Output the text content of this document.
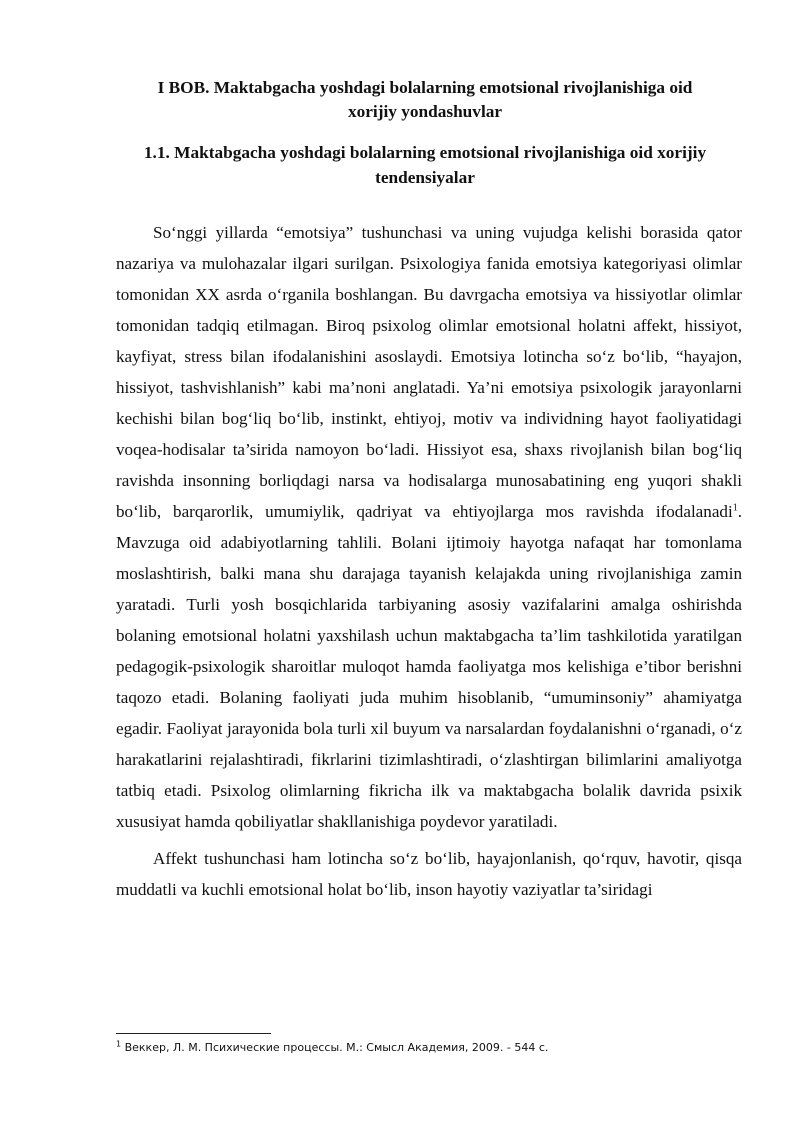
I BOB. Maktabgacha yoshdagi bolalarning emotsional rivojlanishiga oid
xorijiy yondashuvlar
1.1. Maktabgacha yoshdagi bolalarning emotsional rivojlanishiga oid xorijiy
tendensiyalar

So‘nggi yillarda “emotsiya” tushunchasi va uning vujudga kelishi borasida qator nazariya va mulohazalar ilgari surilgan. Psixologiya fanida emotsiya kategoriyasi olimlar tomonidan XX asrda o‘rganila boshlangan. Bu davrgacha emotsiya va hissiyotlar olimlar tomonidan tadqiq etilmagan. Biroq psixolog olimlar emotsional holatni affekt, hissiyot, kayfiyat, stress bilan ifodalanishini asoslaydi. Emotsiya lotincha so‘z bo‘lib, “hayajon, hissiyot, tashvishlanish” kabi ma’noni anglatadi. Ya’ni emotsiya psixologik jarayonlarni kechishi bilan bog‘liq bo‘lib, instinkt, ehtiyoj, motiv va individning hayot faoliyatidagi voqea-hodisalar ta’sirida namoyon bo‘ladi. Hissiyot esa, shaxs rivojlanish bilan bog‘liq ravishda insonning borliqdagi narsa va hodisalarga munosabatining eng yuqori shakli bo‘lib, barqarorlik, umumiylik, qadriyat va ehtiyojlarga mos ravishda ifodalanadi$^1$. Mavzuga oid adabiyotlarning tahlili. Bolani ijtimoiy hayotga nafaqat har tomonlama moslashtirish, balki mana shu darajaga tayanish kelajakda uning rivojlanishiga zamin yaratadi. Turli yosh bosqichlarida tarbiyaning asosiy vazifalarini amalga oshirishda bolaning emotsional holatni yaxshilash uchun maktabgacha ta’lim tashkilotida yaratilgan pedagogik-psixologik sharoitlar muloqot hamda faoliyatga mos kelishiga e’tibor berishni taqozo etadi. Bolaning faoliyati juda muhim hisoblanib, “umuminsoniy” ahamiyatga egadir. Faoliyat jarayonida bola turli xil buyum va narsalardan foydalanishni o‘rganadi, o‘z harakatlarini rejalashtiradi, fikrlarini tizimlashtiradi, o‘zlashtirgan bilimlarini amaliyotga tatbiq etadi. Psixolog olimlarning fikricha ilk va maktabgacha bolalik davrida psixik xususiyat hamda qobiliyatlar shakllanishiga poydevor yaratiladi.

Affekt tushunchasi ham lotincha so‘z bo‘lib, hayajonlanish, qo‘rquv, havotir, qisqa muddatli va kuchli emotsional holat bo‘lib, inson hayotiy vaziyatlar ta’siridagi

$^1$ Веккер, Л. М. Психические процессы. М.: Смысл Академия, 2009. - 544 с.
